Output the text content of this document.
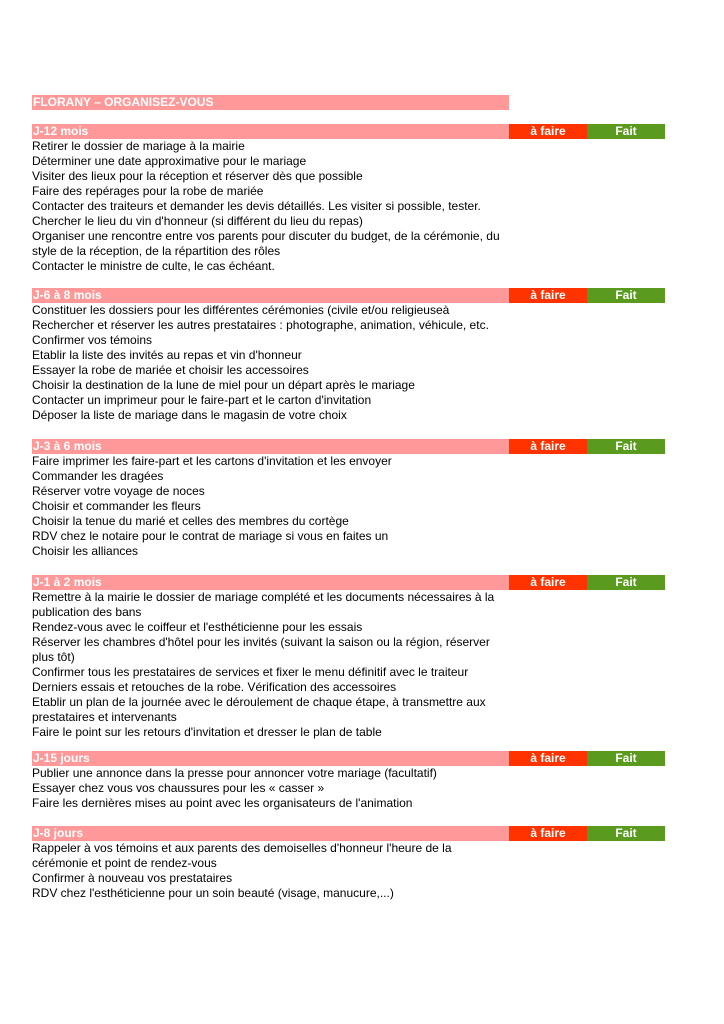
FLORANY – ORGANISEZ-VOUS
J-12 mois	à faire	Fait
Retirer le dossier de mariage à la mairie
Déterminer une date approximative pour le mariage
Visiter des lieux pour la réception et réserver dès que possible
Faire des repérages pour la robe de mariée
Contacter des traiteurs et demander les devis détaillés. Les visiter si possible, tester.
Chercher le lieu du vin d'honneur (si différent du lieu du repas)
Organiser une rencontre entre vos parents pour discuter du budget, de la cérémonie, du style de la réception, de la répartition des rôles
Contacter le ministre de culte, le cas échéant.
J-6 à 8 mois	à faire	Fait
Constituer les dossiers pour les différentes cérémonies (civile et/ou religieuseà
Rechercher et réserver les autres prestataires : photographe, animation, véhicule, etc.
Confirmer vos témoins
Etablir la liste des invités au repas et vin d'honneur
Essayer la robe de mariée et choisir les accessoires
Choisir la destination de la lune de miel pour un départ après le mariage
Contacter un imprimeur pour le faire-part et le carton d'invitation
Déposer la liste de mariage dans le magasin de votre choix
J-3 à 6 mois	à faire	Fait
Faire imprimer les faire-part et les cartons d'invitation et les envoyer
Commander les dragées
Réserver votre voyage de noces
Choisir et commander les fleurs
Choisir la tenue du marié et celles des membres du cortège
RDV chez le notaire pour le contrat de mariage si vous en faites un
Choisir les alliances
J-1 à 2 mois	à faire	Fait
Remettre à la mairie le dossier de mariage complété et les documents nécessaires à la publication des bans
Rendez-vous avec le coiffeur et l'esthéticienne pour les essais
Réserver les chambres d'hôtel pour les invités (suivant la saison ou la région, réserver plus tôt)
Confirmer tous les prestataires de services et fixer le menu définitif avec le traiteur
Derniers essais et retouches de la robe. Vérification des accessoires
Etablir un plan de la journée avec le déroulement de chaque étape, à transmettre aux prestataires et intervenants
Faire le point sur les retours d'invitation et dresser le plan de table
J-15 jours	à faire	Fait
Publier une annonce dans la presse pour annoncer votre mariage (facultatif)
Essayer chez vous vos chaussures pour les « casser »
Faire les dernières mises au point avec les organisateurs de l'animation
J-8 jours	à faire	Fait
Rappeler à vos témoins et aux parents des demoiselles d'honneur l'heure de la cérémonie et point de rendez-vous
Confirmer à nouveau vos prestataires
RDV chez l'esthéticienne pour un soin beauté (visage, manucure,...)
